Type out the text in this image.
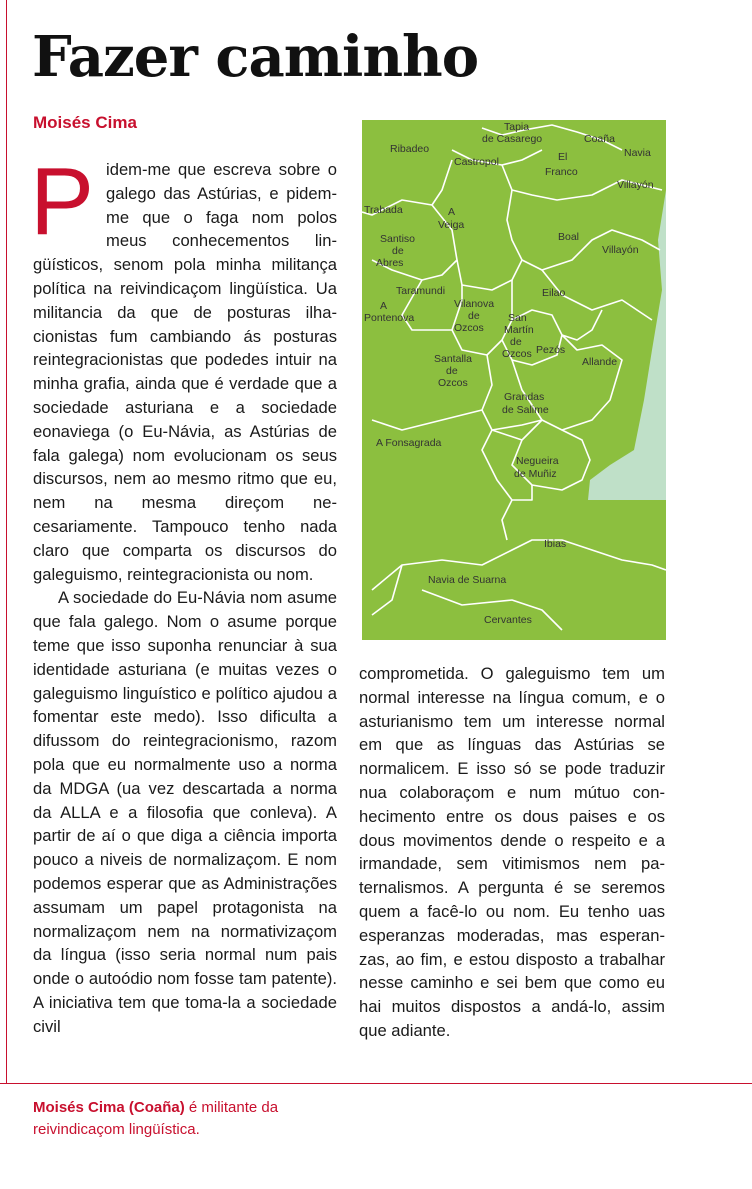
Fazer caminho
Moisés Cima

Pidem-me que escreva sobre o galego das Astúrias, e pidemme que o faga nom polos meus conhecementos lingüísticos, senom pola minha militança política na reivindicaçom lingüística. Ua militancia da que de posturas ilhacionistas fum cambiando ás posturas reintegracionistas que podedes intuir na minha grafia, ainda que é verdade que a sociedade asturiana e a sociedade eonaviega (o Eu-Návia, as Astúrias de fala galega) nom evolucionam os seus discursos, nem ao mesmo ritmo que eu, nem na mesma direçom necesariamente. Tampouco tenho nada claro que comparta os discursos do galeguismo, reintegracionista ou nom.

A sociedade do Eu-Návia nom asume que fala galego. Nom o asume porque teme que isso suponha renunciar à sua identidade asturiana (e muitas vezes o galeguismo linguístico e político ajudou a fomentar este medo). Isso dificulta a difussom do reintegracionismo, razom pola que eu normalmente uso a norma da MDGA (ua vez descartada a norma da ALLA e a filosofia que conleva). A partir de aí o que diga a ciência importa pouco a niveis de normalizaçom. E nom podemos esperar que as Administrações assumam um papel protagonista na normalizaçom nem na normativizaçom da língua (isso seria normal num pais onde o autoódio nom fosse tam patente). A iniciativa tem que toma-la a sociedade civil

Tapia
de Casarego	Coaña
Navia
Ribadeo
Castropol	El
Franco
Villayón
Trabada	A
Veiga
Boal
Villayón
Santiso
de
Abres
Taramundi	Eilao
A
Pontenova
Vilanova
de
Ozcos
San
Martín
de
Ozcos Pezós
Santalla
de
Ozcos
Allande
Grandas
de Salime
A Fonsagrada
Negueira
de Muñiz
Ibias
Navia de Suarna
Cervantes

comprometida. O galeguismo tem um normal interesse na língua comum, e o asturianismo tem um interesse normal em que as línguas das Astúrias se normalicem. E isso só se pode traduzir nua colaboraçom e num mútuo conhecimento entre os dous paises e os dous movimentos dende o respeito e a irmandade, sem vitimismos nem paternalismos. A pergunta é se seremos quem a facê-lo ou nom. Eu tenho uas esperanzas moderadas, mas esperanzas, ao fim, e estou disposto a trabalhar nesse caminho e sei bem que como eu hai muitos dispostos a andá-lo, assim que adiante.

Moisés Cima (Coaña) é militante da reivindicaçom lingüística.
